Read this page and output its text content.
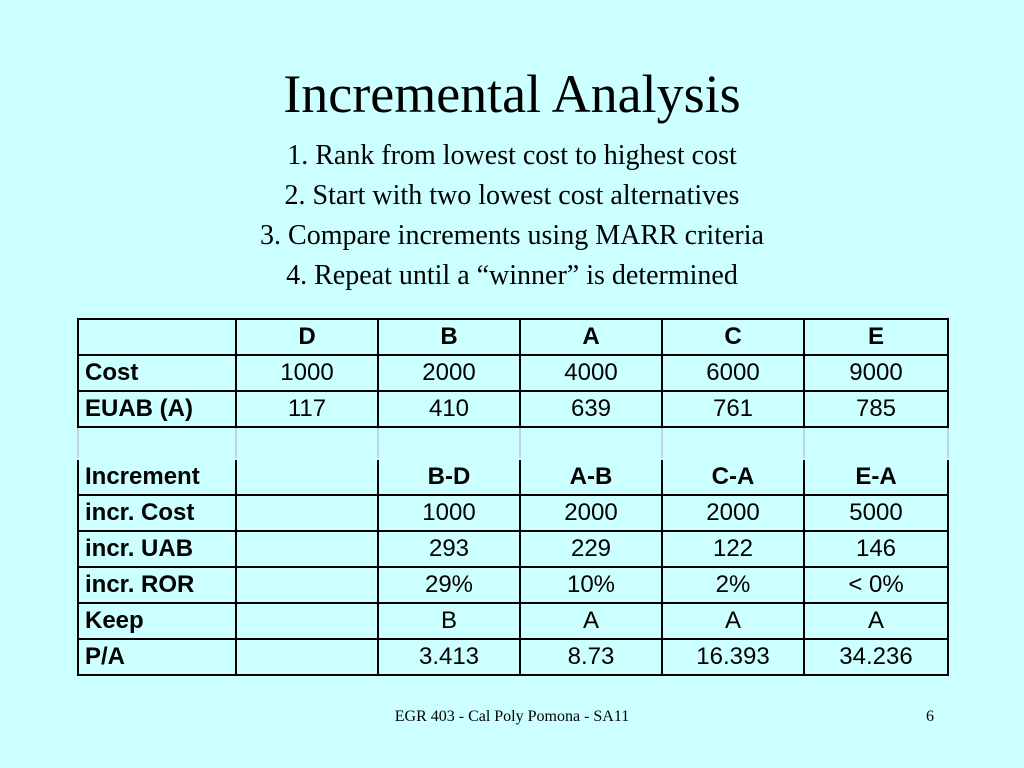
Incremental Analysis
1. Rank from lowest cost to highest cost
2. Start with two lowest cost alternatives
3. Compare increments using MARR criteria
4. Repeat until a “winner” is determined
	D	B	A	C	E
Cost	1000	2000	4000	6000	9000
EUAB (A)	117	410	639	761	785

Increment		B-D	A-B	C-A	E-A
incr. Cost		1000	2000	2000	5000
incr. UAB		293	229	122	146
incr. ROR		29%	10%	2%	< 0%
Keep		B	A	A	A
P/A		3.413	8.73	16.393	34.236
EGR 403 - Cal Poly Pomona - SA11	6
